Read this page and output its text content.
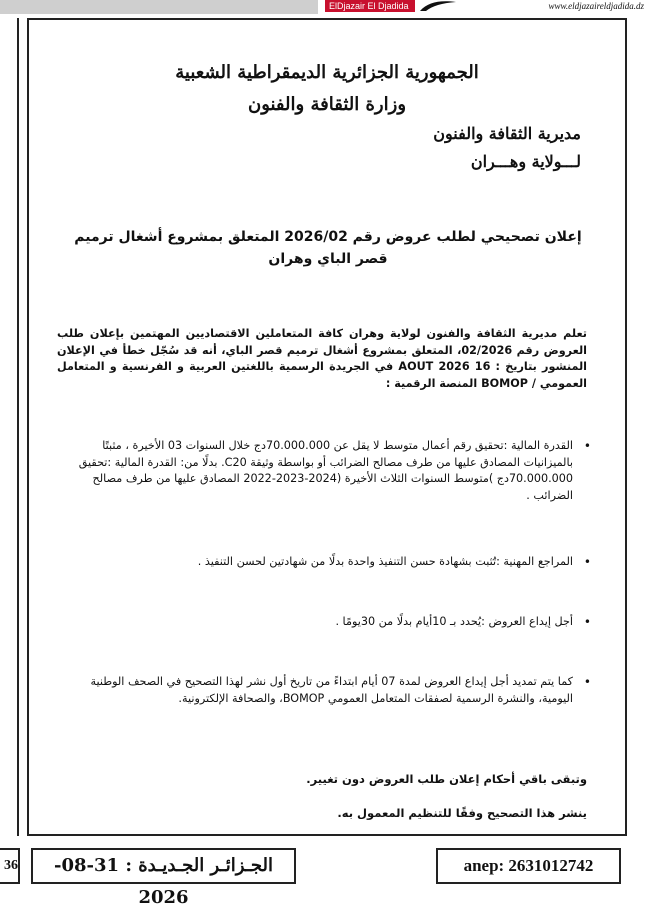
ElDjazair El Djadida	www.eldjazaireldjadida.dz
الجمهورية الجزائرية الديمقراطية الشعبية
وزارة الثقافة والفنون
مديرية الثقافة والفنون
لـــولاية وهـــران
إعلان تصحيحي لطلب عروض رقم 2026/02 المتعلق بمشروع أشغال ترميم قصر الباي وهران
تعلم مديرية الثقافة والفنون لولاية وهران كافة المتعاملين الاقتصاديين المهتمين بإعلان طلب العروض رقم 02/2026، المتعلق بمشروع أشغال ترميم قصر الباي، أنه قد سُجّل خطأ في الإعلان المنشور بتاريخ : 16 AOUT 2026 في الجريدة الرسمية باللغتين العربية و الفرنسية و المتعامل العمومي / BOMOP المنصة الرقمية :
• القدرة المالية :تحقيق رقم أعمال متوسط لا يقل عن 70.000.000دج خلال السنوات 03 الأخيرة ، مثبتًا بالميزانيات المصادق عليها من طرف مصالح الضرائب أو بواسطة وثيقة C20. بدلًا من: القدرة المالية :تحقيق 70.000.000دج )متوسط السنوات الثلاث الأخيرة (2024-2023-2022 المصادق عليها من طرف مصالح الضرائب .
• المراجع المهنية :تُثبت بشهادة حسن التنفيذ واحدة بدلًا من شهادتين لحسن التنفيذ .
• أجل إيداع العروض :يُحدد بـ 10أيام بدلًا من 30يومًا .
• كما يتم تمديد أجل إيداع العروض لمدة 07 أيام ابتداءً من تاريخ أول نشر لهذا التصحيح في الصحف الوطنية اليومية، والنشرة الرسمية لصفقات المتعامل العمومي BOMOP، والصحافة الإلكترونية.
وتبقى باقي أحكام إعلان طلب العروض دون تغيير.
ينشر هذا التصحيح وفقًا للتنظيم المعمول به.
36	الجـزائـر الجـديـدة : 31-08-2026
anep: 2631012742
